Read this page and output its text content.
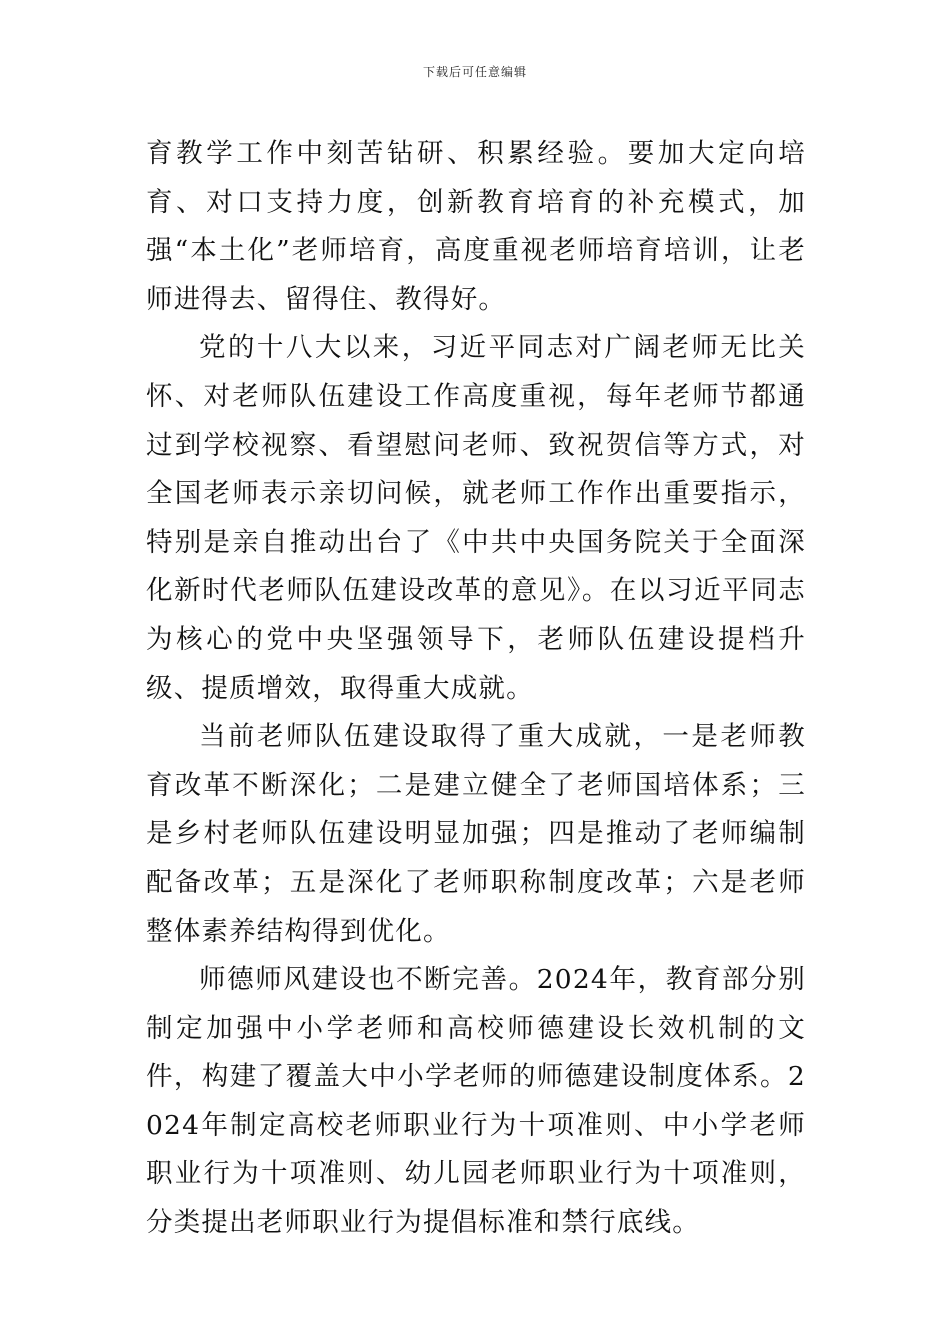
下载后可任意编辑

育教学工作中刻苦钻研、积累经验。要加大定向培育、对口支持力度，创新教育培育的补充模式，加强“本土化”老师培育，高度重视老师培育培训，让老师进得去、留得住、教得好。

党的十八大以来，习近平同志对广阔老师无比关怀、对老师队伍建设工作高度重视，每年老师节都通过到学校视察、看望慰问老师、致祝贺信等方式，对全国老师表示亲切问候，就老师工作作出重要指示，特别是亲自推动出台了《中共中央国务院关于全面深化新时代老师队伍建设改革的意见》。在以习近平同志为核心的党中央坚强领导下，老师队伍建设提档升级、提质增效，取得重大成就。

当前老师队伍建设取得了重大成就，一是老师教育改革不断深化；二是建立健全了老师国培体系；三是乡村老师队伍建设明显加强；四是推动了老师编制配备改革；五是深化了老师职称制度改革；六是老师整体素养结构得到优化。

师德师风建设也不断完善。2024年，教育部分别制定加强中小学老师和高校师德建设长效机制的文件，构建了覆盖大中小学老师的师德建设制度体系。2024年制定高校老师职业行为十项准则、中小学老师职业行为十项准则、幼儿园老师职业行为十项准则，分类提出老师职业行为提倡标准和禁行底线。
